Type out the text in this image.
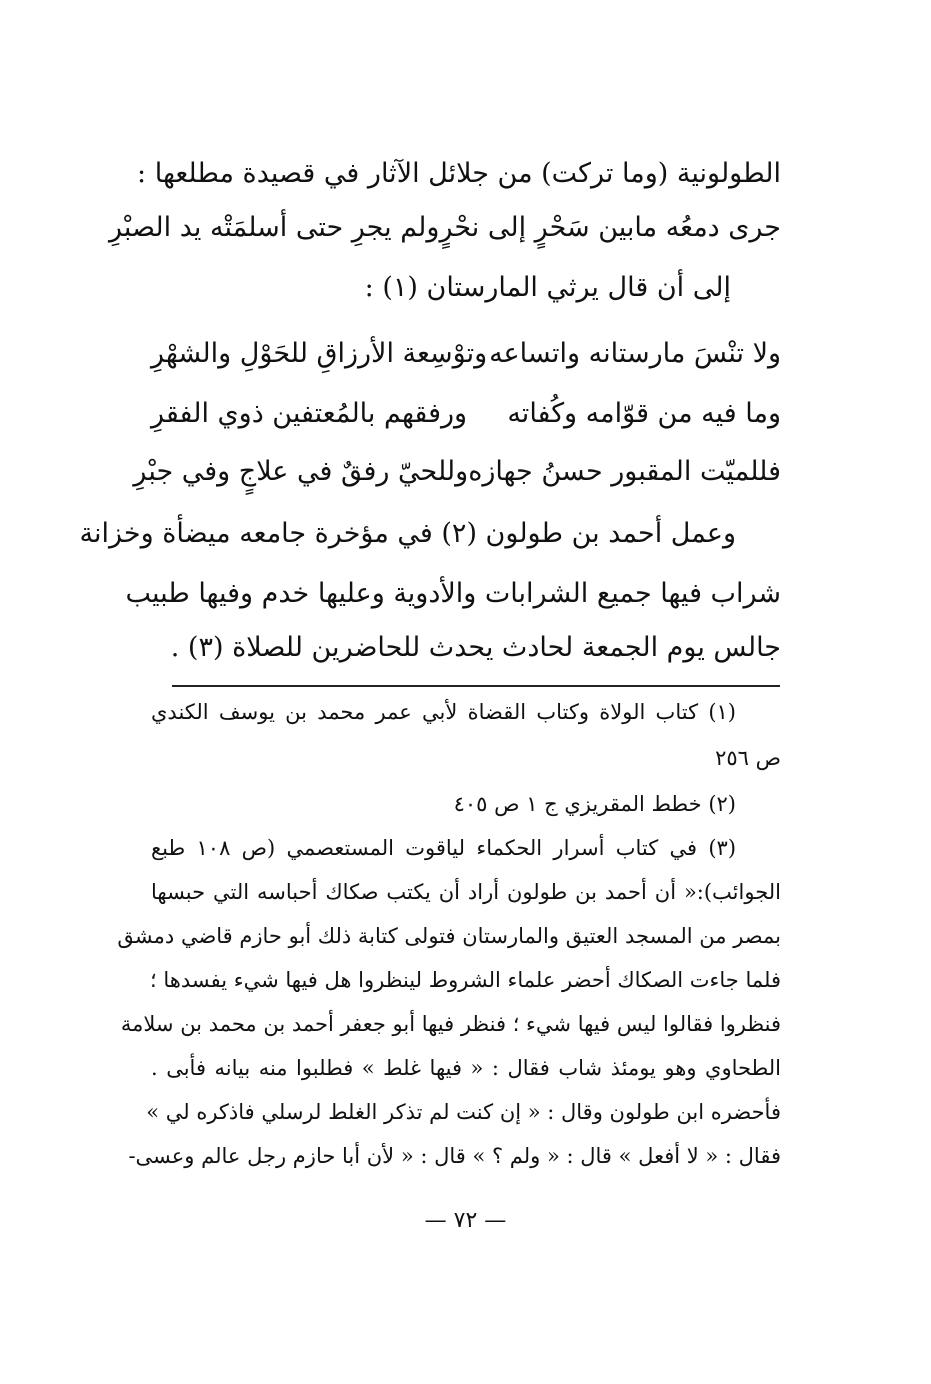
الطولونية (وما تركت) من جلائل الآثار في قصيدة مطلعها :
جرى دمعُه مابين سَحْرٍ إلى نحْرٍ
ولم يجرِ حتى أسلمَتْه يد الصبْرِ
إلى أن قال يرثي المارستان (١) :
ولا تنْسَ مارستانه واتساعه
وتوْسِعة الأرزاقِ للحَوْلِ والشهْرِ
وما فيه من قوّامه وكُفاته
ورفقهم بالمُعتفين ذوي الفقرِ
فللميّت المقبور حسنُ جهازه
وللحيّ رفقٌ في علاجٍ وفي جبْرِ
وعمل أحمد بن طولون (٢) في مؤخرة جامعه ميضأة وخزانة
شراب فيها جميع الشرابات والأدوية وعليها خدم وفيها طبيب
جالس يوم الجمعة لحادث يحدث للحاضرين للصلاة (٣) .
(١) كتاب الولاة وكتاب القضاة لأبي عمر محمد بن يوسف الكندي
ص ٢٥٦
(٢) خطط المقريزي ج ١ ص ٤٠٥
(٣) في كتاب أسرار الحكماء لياقوت المستعصمي (ص ١٠٨ طبع
الجوائب):« أن أحمد بن طولون أراد أن يكتب صكاك أحباسه التي حبسها
بمصر من المسجد العتيق والمارستان فتولى كتابة ذلك أبو حازم قاضي دمشق
فلما جاءت الصكاك أحضر علماء الشروط لينظروا هل فيها شيء يفسدها ؛
فنظروا فقالوا ليس فيها شيء ؛ فنظر فيها أبو جعفر أحمد بن محمد بن سلامة
الطحاوي وهو يومئذ شاب فقال : « فيها غلط » فطلبوا منه بيانه فأبى .
فأحضره ابن طولون وقال : « إن كنت لم تذكر الغلط لرسلي فاذكره لي »
فقال : « لا أفعل » قال : « ولم ؟ » قال : « لأن أبا حازم رجل عالم وعسى-
— ٧٢ —
